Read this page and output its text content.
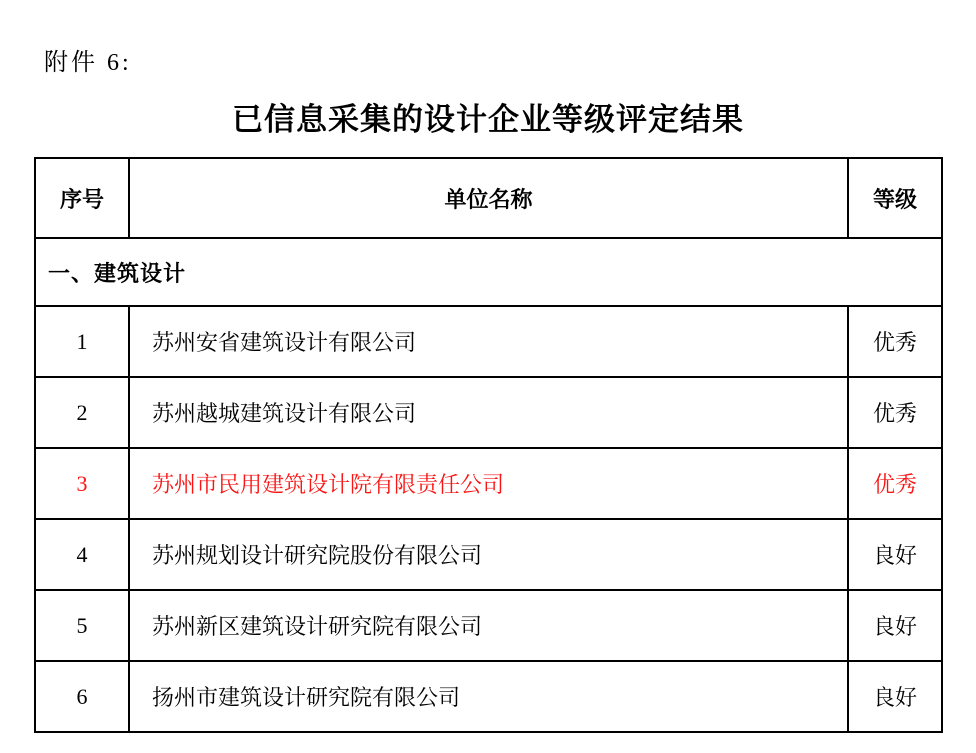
附件 6:
已信息采集的设计企业等级评定结果
序号	单位名称	等级
一、建筑设计		
1	苏州安省建筑设计有限公司	优秀
2	苏州越城建筑设计有限公司	优秀
3	苏州市民用建筑设计院有限责任公司	优秀
4	苏州规划设计研究院股份有限公司	良好
5	苏州新区建筑设计研究院有限公司	良好
6	扬州市建筑设计研究院有限公司	良好
